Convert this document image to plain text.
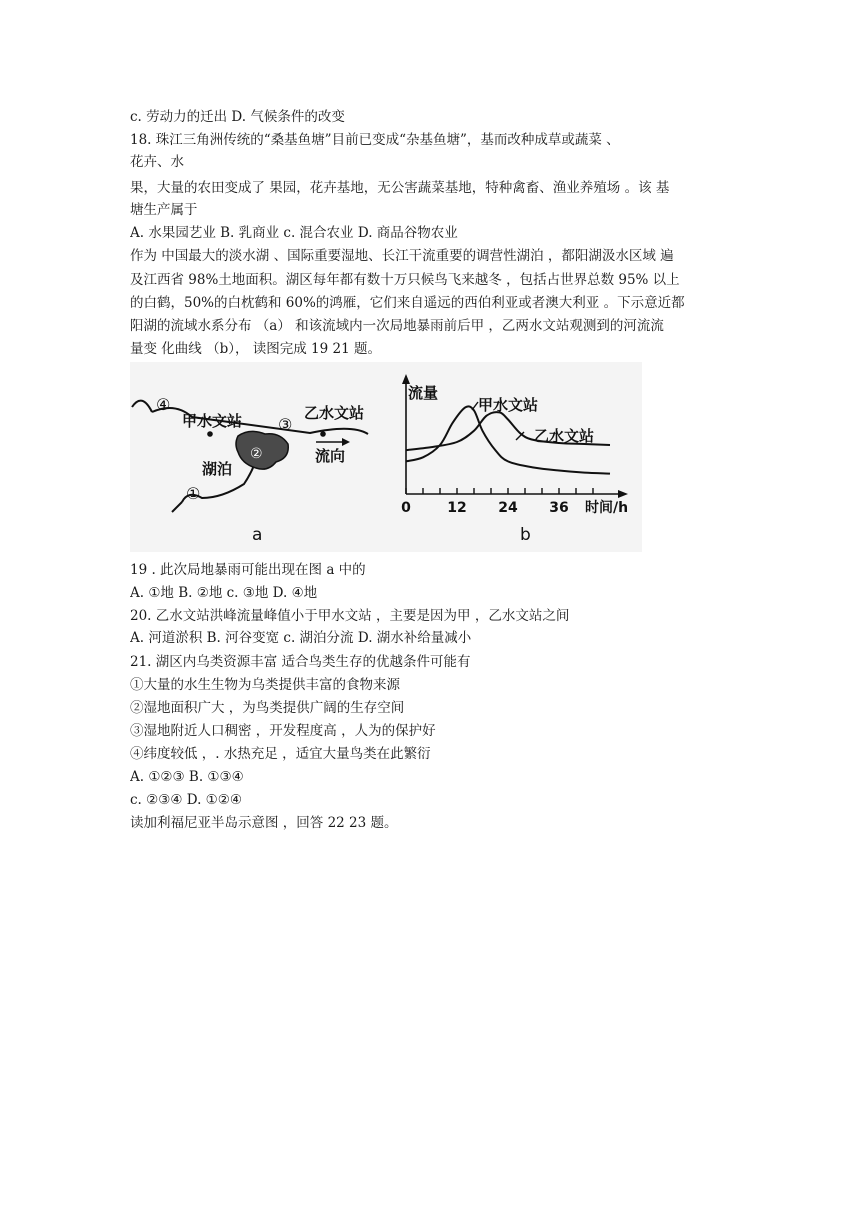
c. 劳动力的迁出 D. 气候条件的改变
18. 珠江三角洲传统的“桑基鱼塘”目前已变成“杂基鱼塘”，基而改种成草或蔬菜 、
花卉、水
果，大量的农田变成了 果园，花卉基地，无公害蔬菜基地，特种禽畜、渔业养殖场 。该 基
塘生产属于
A. 水果园艺业 B. 乳商业 c. 混合农业 D. 商品谷物农业
作为 中国最大的淡水湖 、国际重要湿地、长江干流重要的调营性湖泊 ，都阳湖汲水区域 遍
及江西省 98%土地面积。湖区每年都有数十万只候鸟飞来越冬 ，包括占世界总数 95% 以上
的白鹤，50%的白枕鹤和 60%的鸿雁，它们来自遥远的西伯利亚或者澳大利亚 。下示意近都
阳湖的流域水系分布 （a） 和该流域内一次局地暴雨前后甲 ，乙两水文站观测到的河流流
量变 化曲线 （b）， 读图完成 19 21 题。
④
甲水文站 ③
乙水文站
②	流向
湖泊
①
a
流量
时间/h
0	12 24 36
甲水文站
乙水文站
b
19 . 此次局地暴雨可能出现在图 a 中的
A. ①地 B. ②地 c. ③地 D. ④地
20. 乙水文站洪峰流量峰值小于甲水文站 ，主要是因为甲 ，乙水文站之间
A. 河道淤积 B. 河谷变宽 c. 湖泊分流 D. 湖水补给量减小
21. 湖区内乌类资源丰富 适合鸟类生存的优越条件可能有
①大量的水生生物为乌类提供丰富的食物来源
②湿地面积广大 ，为鸟类提供广阔的生存空间
③湿地附近人口稠密 ，开发程度高 ，人为的保护好
④纬度较低 ，. 水热充足 ，适宜大量鸟类在此繁衍
A. ①②③ B. ①③④
c. ②③④ D. ①②④
读加利福尼亚半岛示意图 ，回答 22 23 题。
